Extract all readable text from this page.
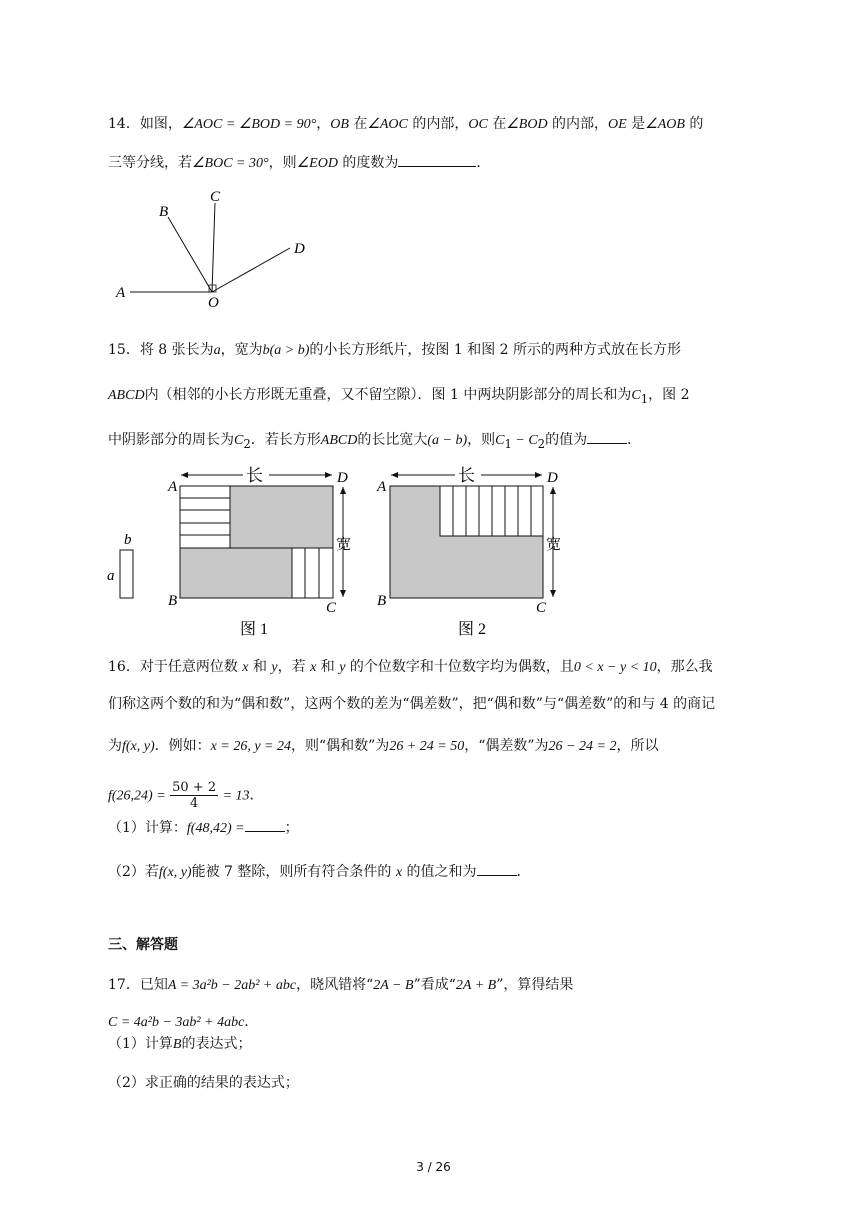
14．如图，∠AOC = ∠BOD = 90°，OB 在∠AOC 的内部，OC 在∠BOD 的内部，OE 是∠AOB 的
三等分线，若∠BOC = 30°，则∠EOD 的度数为	．
A
B
C
D
O
15．将 8 张长为a，宽为b(a > b)的小长方形纸片，按图 1 和图 2 所示的两种方式放在长方形
ABCD内（相邻的小长方形既无重叠，又不留空隙）．图 1 中两块阴影部分的周长和为$C_1$，图 2
中阴影部分的周长为$C_2$．若长方形ABCD的长比宽大(a − b)，则$C_1 - C_2$的值为	．
b
a
长
宽
A
D
B	C
图 1
长
宽
A
D
B	C
图 2
16．对于任意两位数 x 和 y，若 x 和 y 的个位数字和十位数字均为偶数，且0 < x − y < 10，那么我
们称这两个数的和为“偶和数”，这两个数的差为“偶差数”，把“偶和数”与“偶差数”的和与 4 的商记
为f(x, y)．例如：x = 26, y = 24，则“偶和数”为26 + 24 = 50，“偶差数”为26 − 24 = 2，所以
$f(26,24) = \frac{50 + 2}{4} = 13$．
（1）计算：f(48,42) =	；
（2）若f(x, y)能被 7 整除，则所有符合条件的 x 的值之和为	．
三、解答题
17．已知A = 3a²b − 2ab² + abc，晓风错将“2A − B”看成“2A + B”，算得结果
C = 4a²b − 3ab² + 4abc．
（1）计算B的表达式；
（2）求正确的结果的表达式；
3 / 26
